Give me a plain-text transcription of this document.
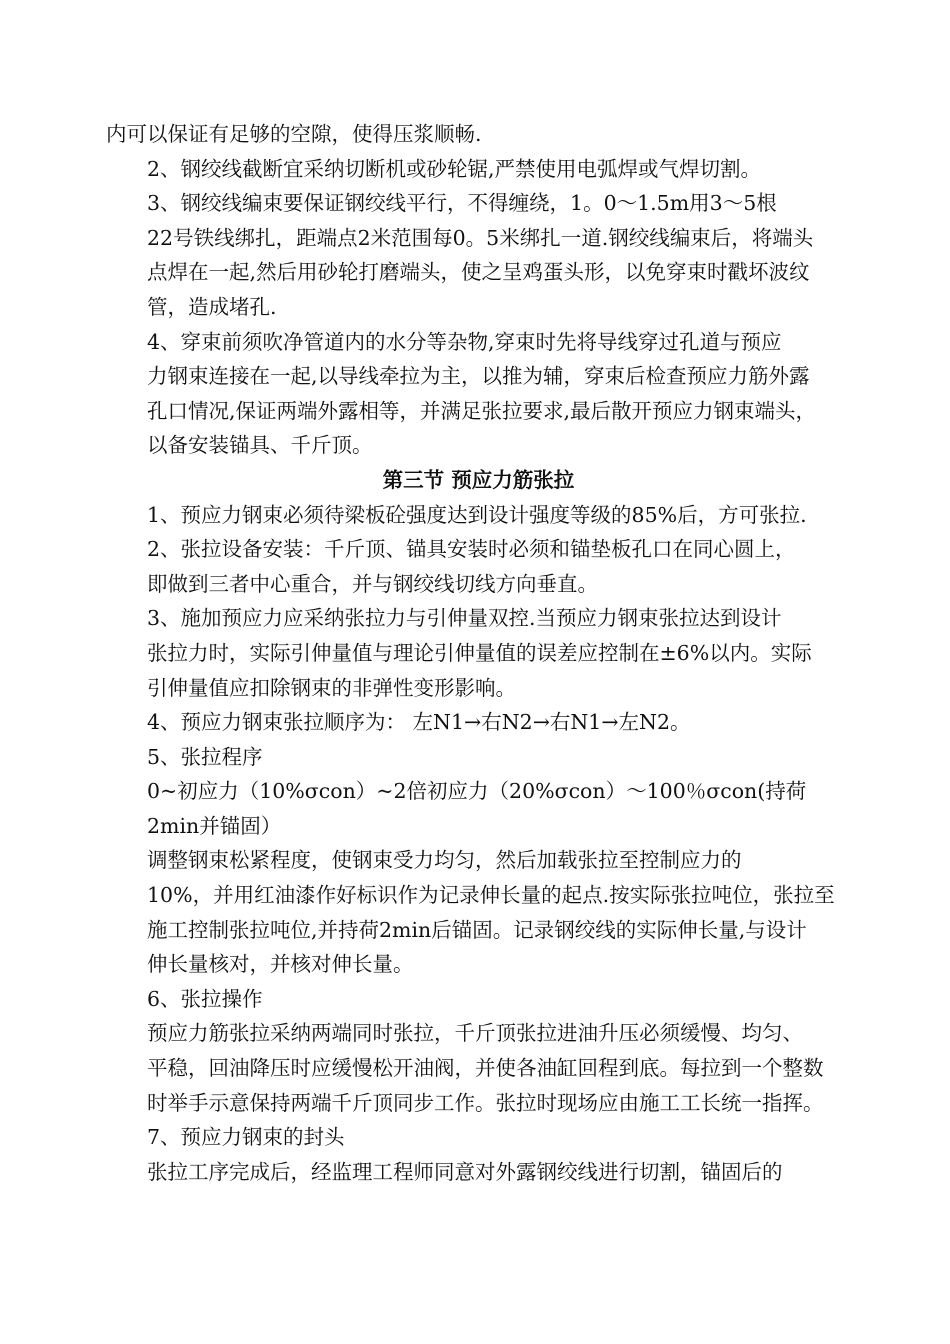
内可以保证有足够的空隙，使得压浆顺畅.
2、钢绞线截断宜采纳切断机或砂轮锯,严禁使用电弧焊或气焊切割。
3、钢绞线编束要保证钢绞线平行，不得缠绕，1。0～1.5m用3～5根
22号铁线绑扎，距端点2米范围每0。5米绑扎一道.钢绞线编束后，将端头
点焊在一起,然后用砂轮打磨端头，使之呈鸡蛋头形，以免穿束时戳坏波纹
管，造成堵孔.
4、穿束前须吹净管道内的水分等杂物,穿束时先将导线穿过孔道与预应
力钢束连接在一起,以导线牵拉为主，以推为辅，穿束后检查预应力筋外露
孔口情况,保证两端外露相等，并满足张拉要求,最后散开预应力钢束端头，
以备安装锚具、千斤顶。
第三节 预应力筋张拉
1、预应力钢束必须待梁板砼强度达到设计强度等级的85%后，方可张拉.
2、张拉设备安装：千斤顶、锚具安装时必须和锚垫板孔口在同心圆上，
即做到三者中心重合，并与钢绞线切线方向垂直。
3、施加预应力应采纳张拉力与引伸量双控.当预应力钢束张拉达到设计
张拉力时，实际引伸量值与理论引伸量值的误差应控制在±6%以内。实际
引伸量值应扣除钢束的非弹性变形影响。
4、预应力钢束张拉顺序为： 左N1→右N2→右N1→左N2。
5、张拉程序
0~初应力（10%σcon）~2倍初应力（20%σcon）～100％σcon(持荷
2min并锚固）
调整钢束松紧程度，使钢束受力均匀，然后加载张拉至控制应力的
10%，并用红油漆作好标识作为记录伸长量的起点.按实际张拉吨位，张拉至
施工控制张拉吨位,并持荷2min后锚固。记录钢绞线的实际伸长量,与设计
伸长量核对，并核对伸长量。
6、张拉操作
预应力筋张拉采纳两端同时张拉，千斤顶张拉进油升压必须缓慢、均匀、
平稳，回油降压时应缓慢松开油阀，并使各油缸回程到底。每拉到一个整数
时举手示意保持两端千斤顶同步工作。张拉时现场应由施工工长统一指挥。
7、预应力钢束的封头
张拉工序完成后，经监理工程师同意对外露钢绞线进行切割，锚固后的
